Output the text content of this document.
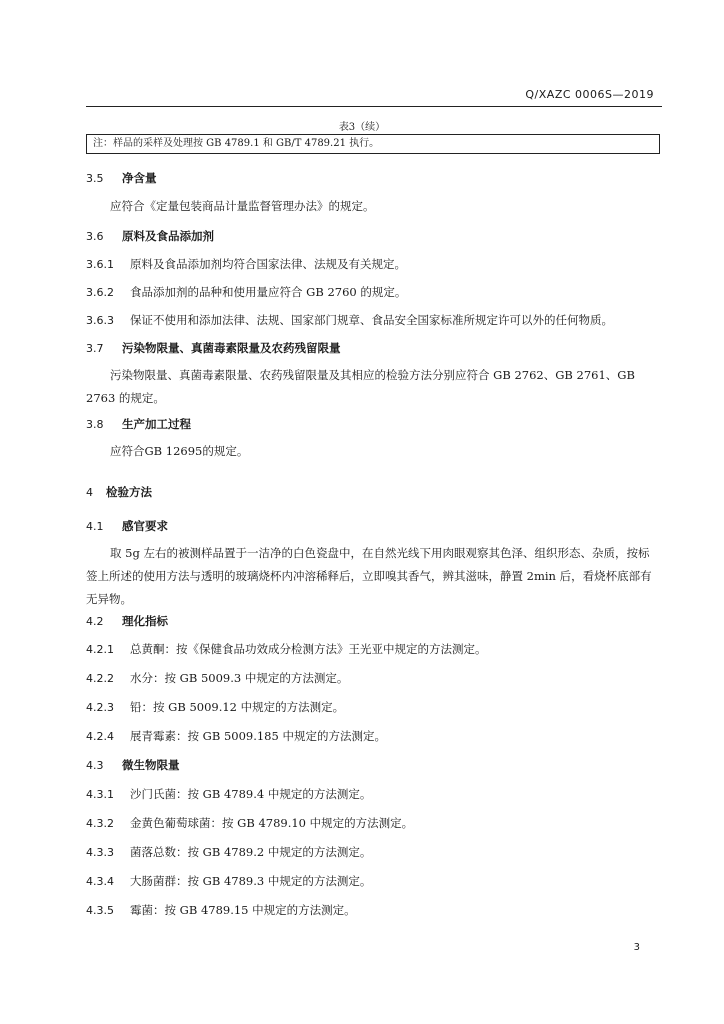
Q/XAZC 0006S—2019
表3（续）
注：样品的采样及处理按 GB 4789.1 和 GB/T 4789.21 执行。
3.5 净含量
应符合《定量包装商品计量监督管理办法》的规定。
3.6 原料及食品添加剂
3.6.1 原料及食品添加剂均符合国家法律、法规及有关规定。
3.6.2 食品添加剂的品种和使用量应符合 GB 2760 的规定。
3.6.3 保证不使用和添加法律、法规、国家部门规章、食品安全国家标准所规定许可以外的任何物质。
3.7 污染物限量、真菌毒素限量及农药残留限量
污染物限量、真菌毒素限量、农药残留限量及其相应的检验方法分别应符合 GB 2762、GB 2761、GB 2763 的规定。
3.8 生产加工过程
应符合GB 12695的规定。
4 检验方法
4.1 感官要求
取 5g 左右的被测样品置于一洁净的白色瓷盘中，在自然光线下用肉眼观察其色泽、组织形态、杂质，按标签上所述的使用方法与透明的玻璃烧杯内冲溶稀释后，立即嗅其香气，辨其滋味，静置 2min 后，看烧杯底部有无异物。
4.2 理化指标
4.2.1 总黄酮：按《保健食品功效成分检测方法》王光亚中规定的方法测定。
4.2.2 水分：按 GB 5009.3 中规定的方法测定。
4.2.3 铅：按 GB 5009.12 中规定的方法测定。
4.2.4 展青霉素：按 GB 5009.185 中规定的方法测定。
4.3 微生物限量
4.3.1 沙门氏菌：按 GB 4789.4 中规定的方法测定。
4.3.2 金黄色葡萄球菌：按 GB 4789.10 中规定的方法测定。
4.3.3 菌落总数：按 GB 4789.2 中规定的方法测定。
4.3.4 大肠菌群：按 GB 4789.3 中规定的方法测定。
4.3.5 霉菌：按 GB 4789.15 中规定的方法测定。
3
